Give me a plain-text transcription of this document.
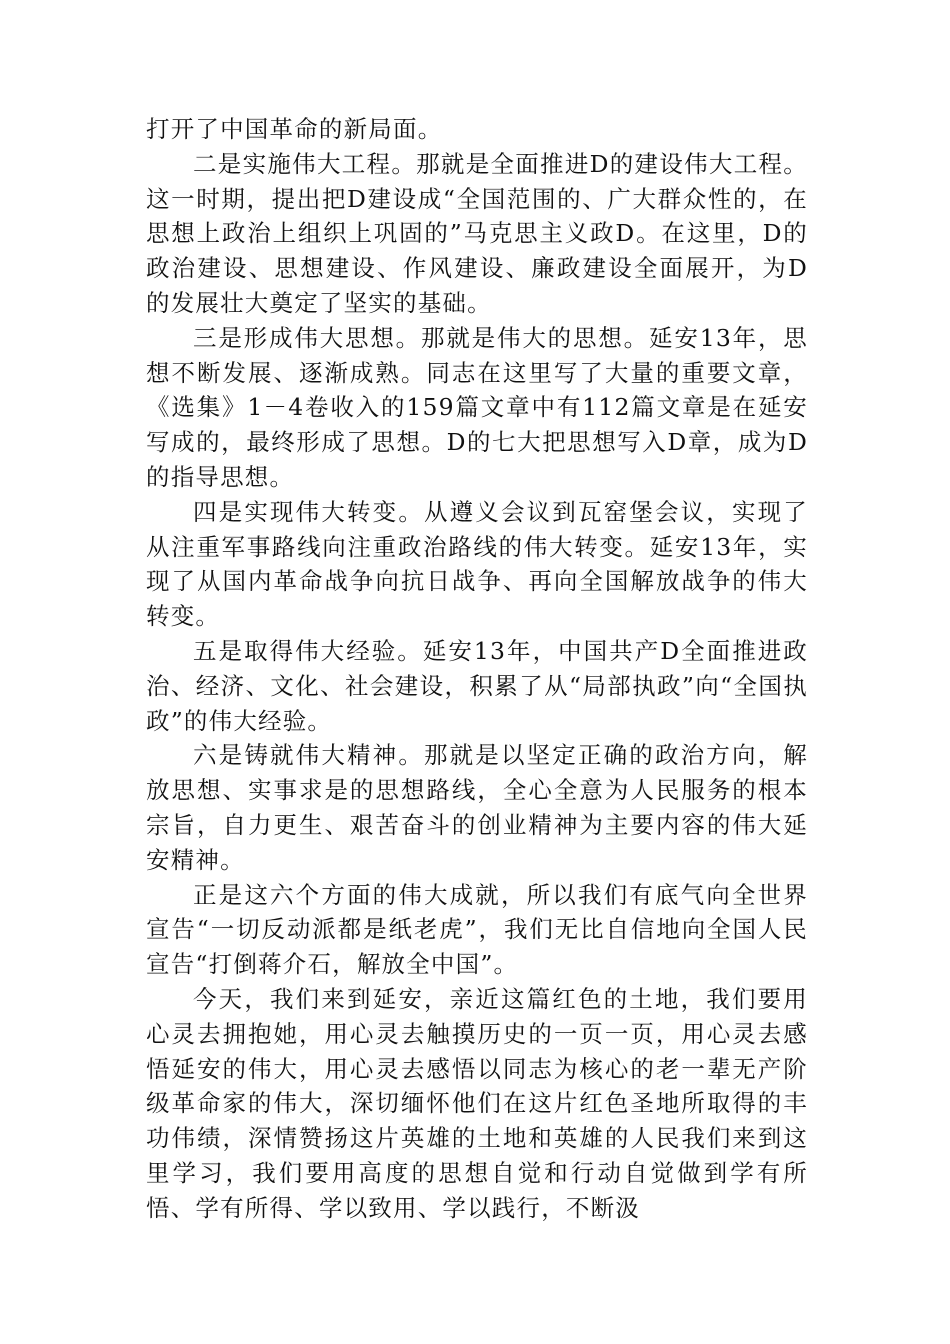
打开了中国革命的新局面。

二是实施伟大工程。那就是全面推进D的建设伟大工程。这一时期，提出把D建设成“全国范围的、广大群众性的，在思想上政治上组织上巩固的”马克思主义政D。在这里，D的政治建设、思想建设、作风建设、廉政建设全面展开，为D的发展壮大奠定了坚实的基础。

三是形成伟大思想。那就是伟大的思想。延安13年，思想不断发展、逐渐成熟。同志在这里写了大量的重要文章，《选集》1－4卷收入的159篇文章中有112篇文章是在延安写成的，最终形成了思想。D的七大把思想写入D章，成为D的指导思想。

四是实现伟大转变。从遵义会议到瓦窑堡会议，实现了从注重军事路线向注重政治路线的伟大转变。延安13年，实现了从国内革命战争向抗日战争、再向全国解放战争的伟大转变。

五是取得伟大经验。延安13年，中国共产D全面推进政治、经济、文化、社会建设，积累了从“局部执政”向“全国执政”的伟大经验。

六是铸就伟大精神。那就是以坚定正确的政治方向，解放思想、实事求是的思想路线，全心全意为人民服务的根本宗旨，自力更生、艰苦奋斗的创业精神为主要内容的伟大延安精神。

正是这六个方面的伟大成就，所以我们有底气向全世界宣告“一切反动派都是纸老虎”，我们无比自信地向全国人民宣告“打倒蒋介石，解放全中国”。

今天，我们来到延安，亲近这篇红色的土地，我们要用心灵去拥抱她，用心灵去触摸历史的一页一页，用心灵去感悟延安的伟大，用心灵去感悟以同志为核心的老一辈无产阶级革命家的伟大，深切缅怀他们在这片红色圣地所取得的丰功伟绩，深情赞扬这片英雄的土地和英雄的人民我们来到这里学习，我们要用高度的思想自觉和行动自觉做到学有所悟、学有所得、学以致用、学以践行，不断汲
